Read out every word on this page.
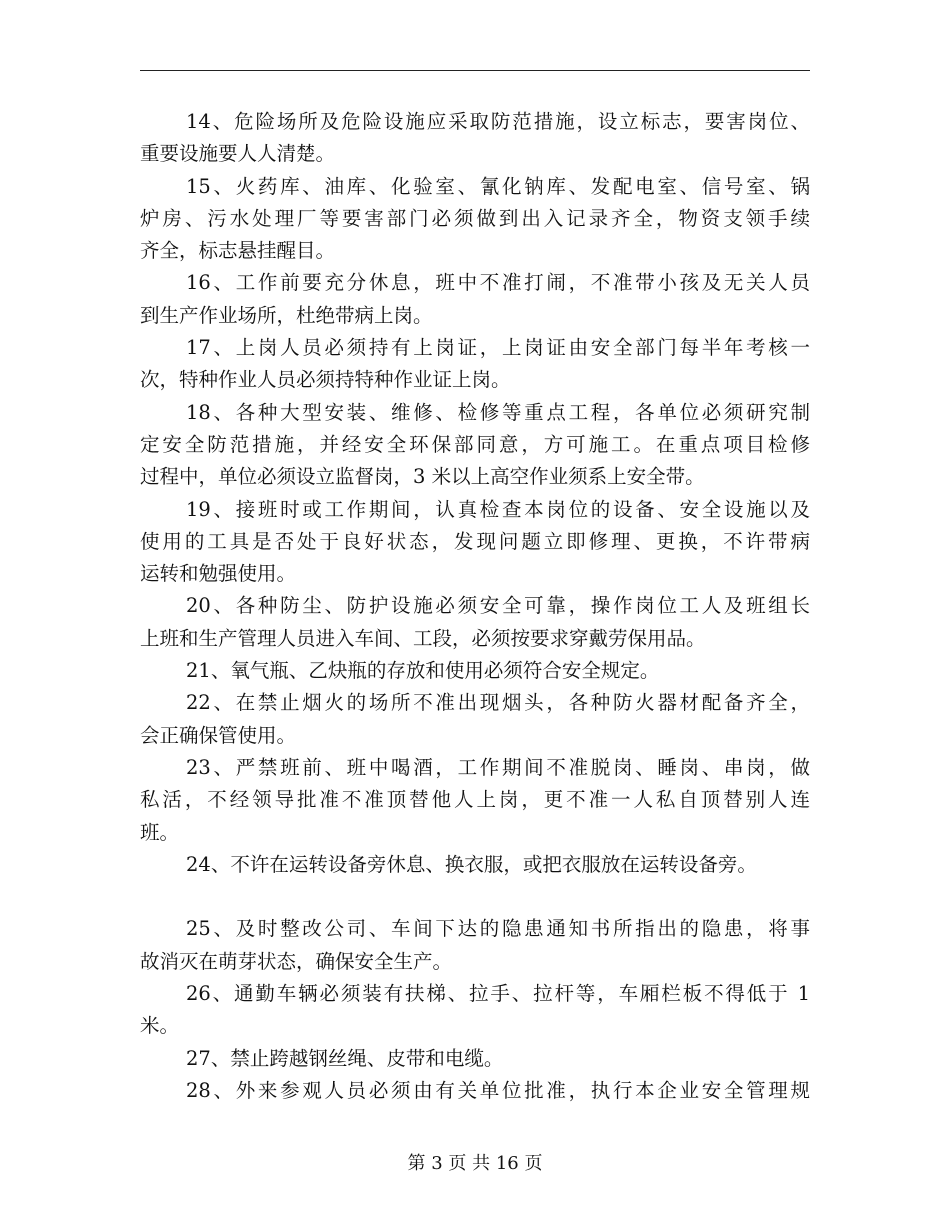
14、危险场所及危险设施应采取防范措施，设立标志，要害岗位、
重要设施要人人清楚。
15、火药库、油库、化验室、氰化钠库、发配电室、信号室、锅
炉房、污水处理厂等要害部门必须做到出入记录齐全，物资支领手续
齐全，标志悬挂醒目。
16、工作前要充分休息，班中不准打闹，不准带小孩及无关人员
到生产作业场所，杜绝带病上岗。
17、上岗人员必须持有上岗证，上岗证由安全部门每半年考核一
次，特种作业人员必须持特种作业证上岗。
18、各种大型安装、维修、检修等重点工程，各单位必须研究制
定安全防范措施，并经安全环保部同意，方可施工。在重点项目检修
过程中，单位必须设立监督岗，3 米以上高空作业须系上安全带。
19、接班时或工作期间，认真检查本岗位的设备、安全设施以及
使用的工具是否处于良好状态，发现问题立即修理、更换，不许带病
运转和勉强使用。
20、各种防尘、防护设施必须安全可靠，操作岗位工人及班组长
上班和生产管理人员进入车间、工段，必须按要求穿戴劳保用品。
21、氧气瓶、乙炔瓶的存放和使用必须符合安全规定。
22、在禁止烟火的场所不准出现烟头，各种防火器材配备齐全，
会正确保管使用。
23、严禁班前、班中喝酒，工作期间不准脱岗、睡岗、串岗，做
私活，不经领导批准不准顶替他人上岗，更不准一人私自顶替别人连
班。
24、不许在运转设备旁休息、换衣服，或把衣服放在运转设备旁。
25、及时整改公司、车间下达的隐患通知书所指出的隐患，将事
故消灭在萌芽状态，确保安全生产。
26、通勤车辆必须装有扶梯、拉手、拉杆等，车厢栏板不得低于 1
米。
27、禁止跨越钢丝绳、皮带和电缆。
28、外来参观人员必须由有关单位批准，执行本企业安全管理规
第 3 页 共 16 页
